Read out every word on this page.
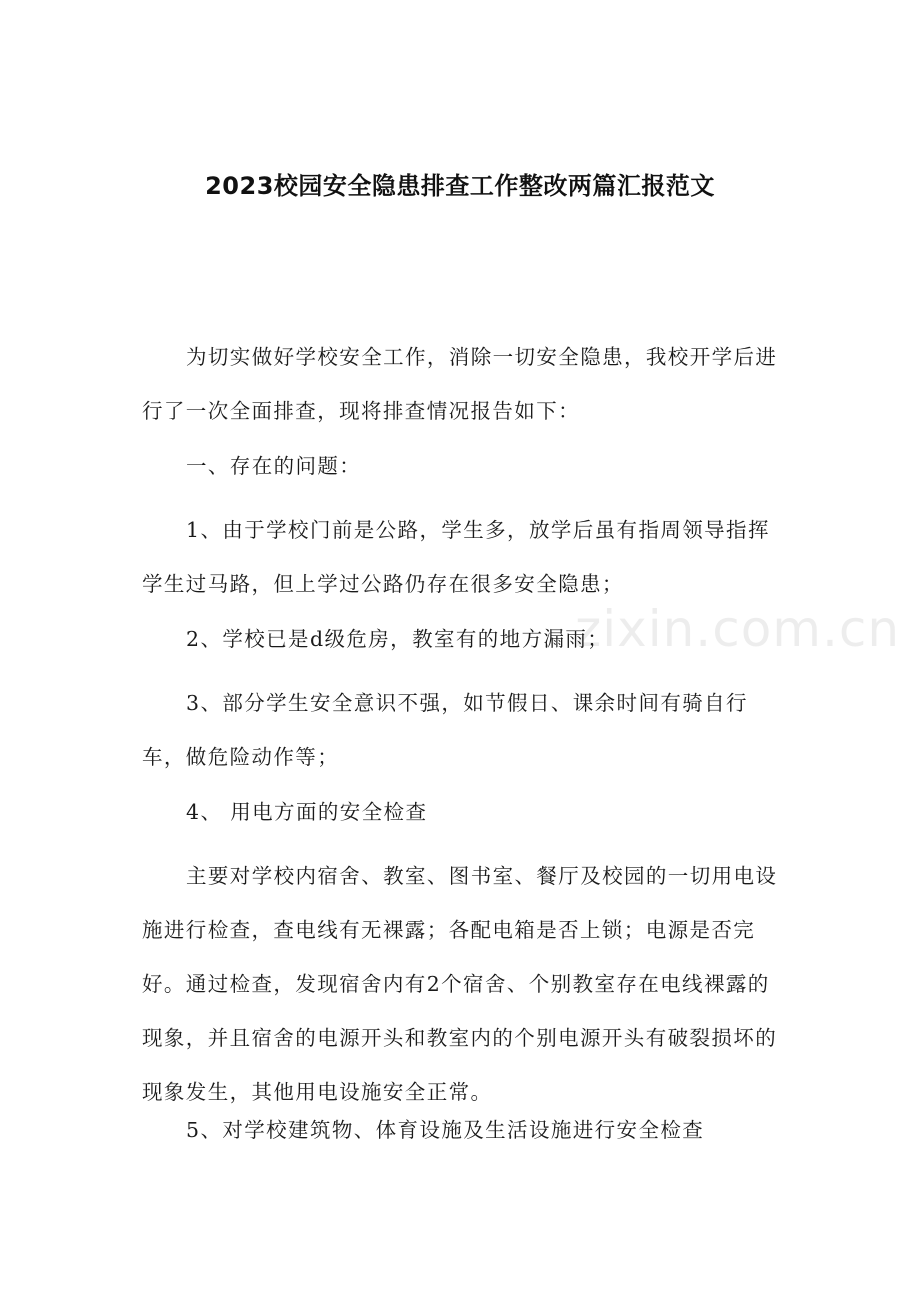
2023校园安全隐患排查工作整改两篇汇报范文

为切实做好学校安全工作，消除一切安全隐患，我校开学后进行了一次全面排查，现将排查情况报告如下：

一、存在的问题：

1、由于学校门前是公路，学生多，放学后虽有指周领导指挥学生过马路，但上学过公路仍存在很多安全隐患；

2、学校已是d级危房，教室有的地方漏雨；

3、部分学生安全意识不强，如节假日、课余时间有骑自行车，做危险动作等；

4、 用电方面的安全检查

主要对学校内宿舍、教室、图书室、餐厅及校园的一切用电设施进行检查，查电线有无裸露；各配电箱是否上锁；电源是否完好。通过检查，发现宿舍内有2个宿舍、个别教室存在电线裸露的现象，并且宿舍的电源开头和教室内的个别电源开头有破裂损坏的现象发生，其他用电设施安全正常。

5、对学校建筑物、体育设施及生活设施进行安全检查

zixin.com.cn
